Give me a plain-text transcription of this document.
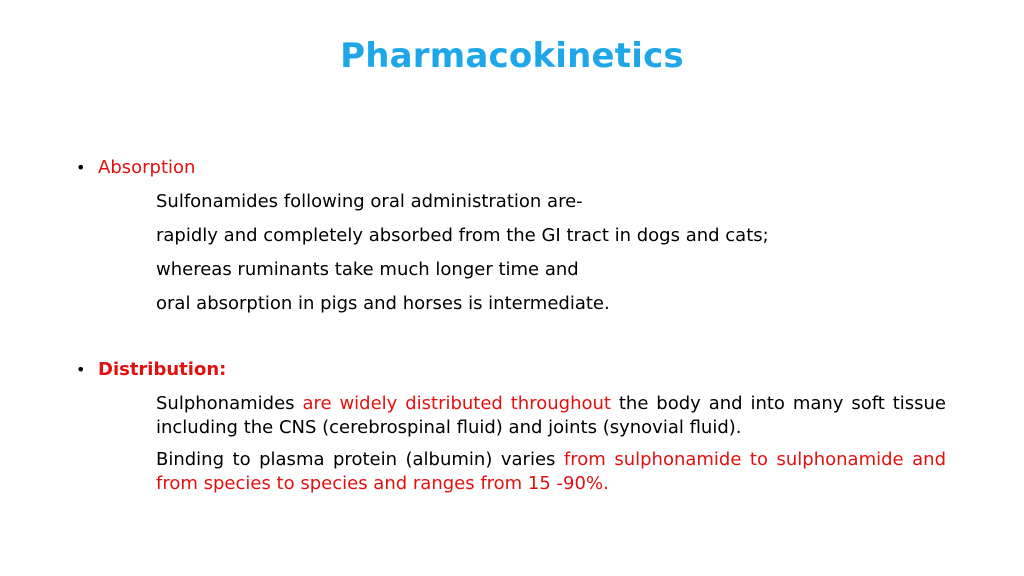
Pharmacokinetics
• Absorption
Sulfonamides following oral administration are-
rapidly and completely absorbed from the GI tract in dogs and cats;
whereas ruminants take much longer time and
oral absorption in pigs and horses is intermediate.
• Distribution:
Sulphonamides are widely distributed throughout the body and into many soft tissue including the CNS (cerebrospinal fluid) and joints (synovial fluid).
Binding to plasma protein (albumin) varies from sulphonamide to sulphonamide and from species to species and ranges from 15 -90%.
